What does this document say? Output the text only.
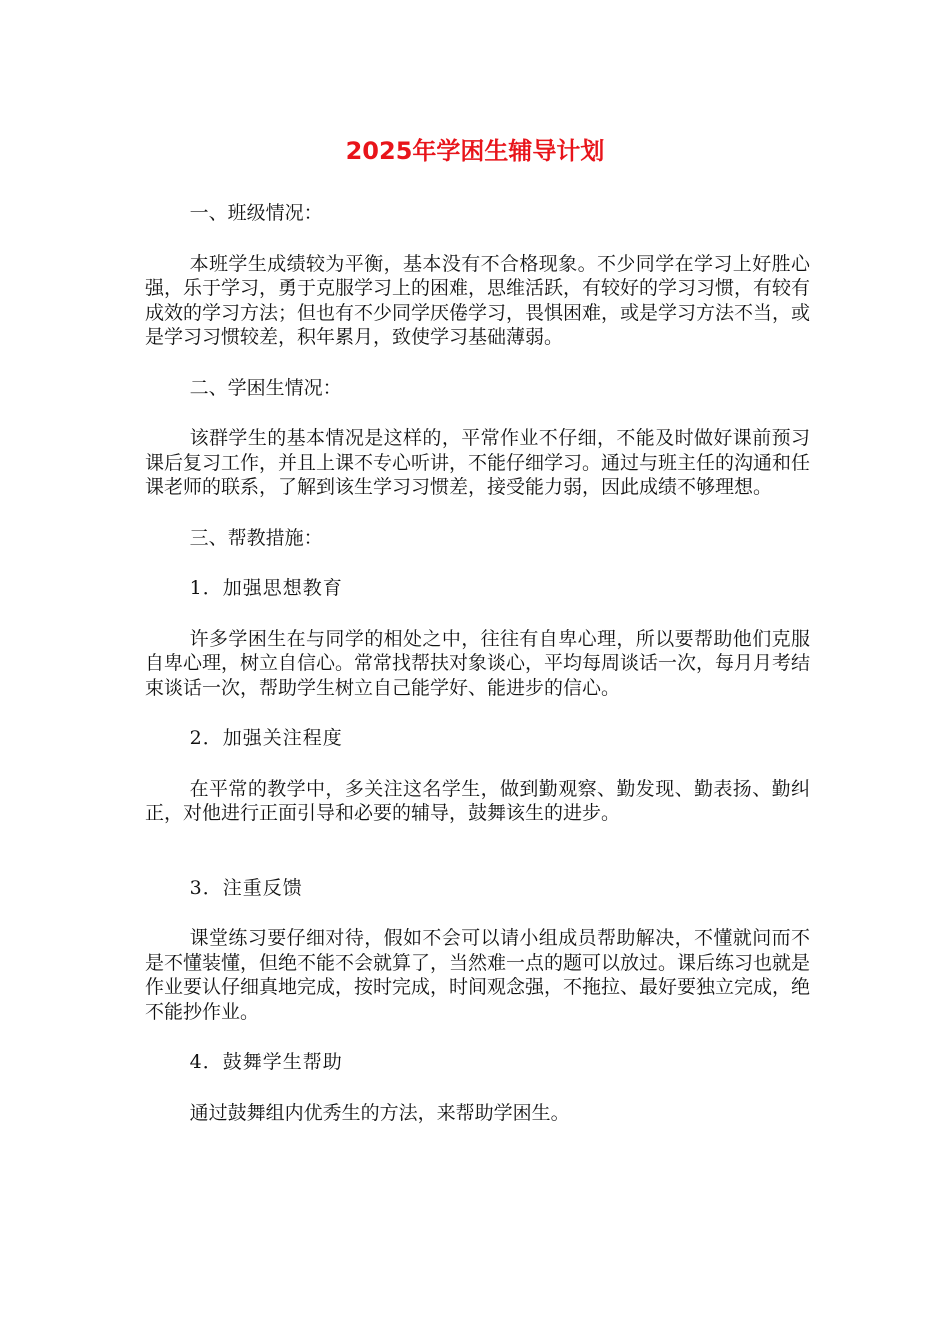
2025年学困生辅导计划

一、班级情况：

本班学生成绩较为平衡，基本没有不合格现象。不少同学在学习上好胜心强，乐于学习，勇于克服学习上的困难，思维活跃，有较好的学习习惯，有较有成效的学习方法；但也有不少同学厌倦学习，畏惧困难，或是学习方法不当，或是学习习惯较差，积年累月，致使学习基础薄弱。

二、学困生情况：

该群学生的基本情况是这样的，平常作业不仔细，不能及时做好课前预习课后复习工作，并且上课不专心听讲，不能仔细学习。通过与班主任的沟通和任课老师的联系，了解到该生学习习惯差，接受能力弱，因此成绩不够理想。

三、帮教措施：

1．加强思想教育

许多学困生在与同学的相处之中，往往有自卑心理，所以要帮助他们克服自卑心理，树立自信心。常常找帮扶对象谈心，平均每周谈话一次，每月月考结束谈话一次，帮助学生树立自己能学好、能进步的信心。

2．加强关注程度

在平常的教学中，多关注这名学生，做到勤观察、勤发现、勤表扬、勤纠正，对他进行正面引导和必要的辅导，鼓舞该生的进步。

3．注重反馈

课堂练习要仔细对待，假如不会可以请小组成员帮助解决，不懂就问而不是不懂装懂，但绝不能不会就算了，当然难一点的题可以放过。课后练习也就是作业要认仔细真地完成，按时完成，时间观念强，不拖拉、最好要独立完成，绝不能抄作业。

4．鼓舞学生帮助

通过鼓舞组内优秀生的方法，来帮助学困生。
